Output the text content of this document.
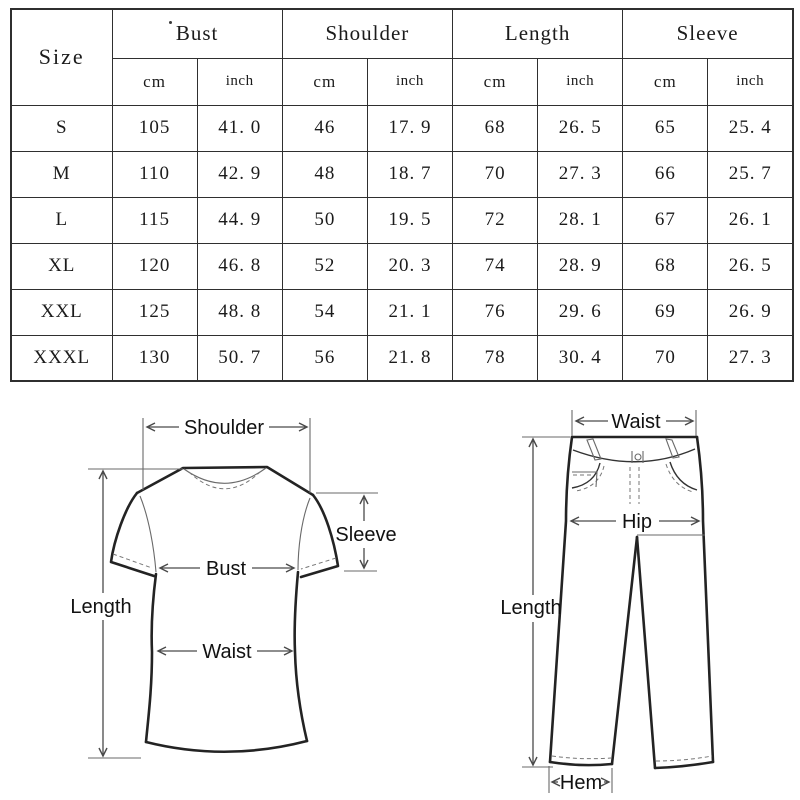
Size	Bust		Shoulder		Length		Sleeve	
	cm	inch	cm	inch	cm	inch	cm	inch
S	105	41. 0	46	17. 9	68	26. 5	65	25. 4
M	110	42. 9	48	18. 7	70	27. 3	66	25. 7
L	115	44. 9	50	19. 5	72	28. 1	67	26. 1
XL	120	46. 8	52	20. 3	74	28. 9	68	26. 5
XXL	125	48. 8	54	21. 1	76	29. 6	69	26. 9
XXXL	130	50. 7	56	21. 8	78	30. 4	70	27. 3
Shoulder
Length
Bust
Waist
Sleeve
Waist
Hip
Length
Hem
